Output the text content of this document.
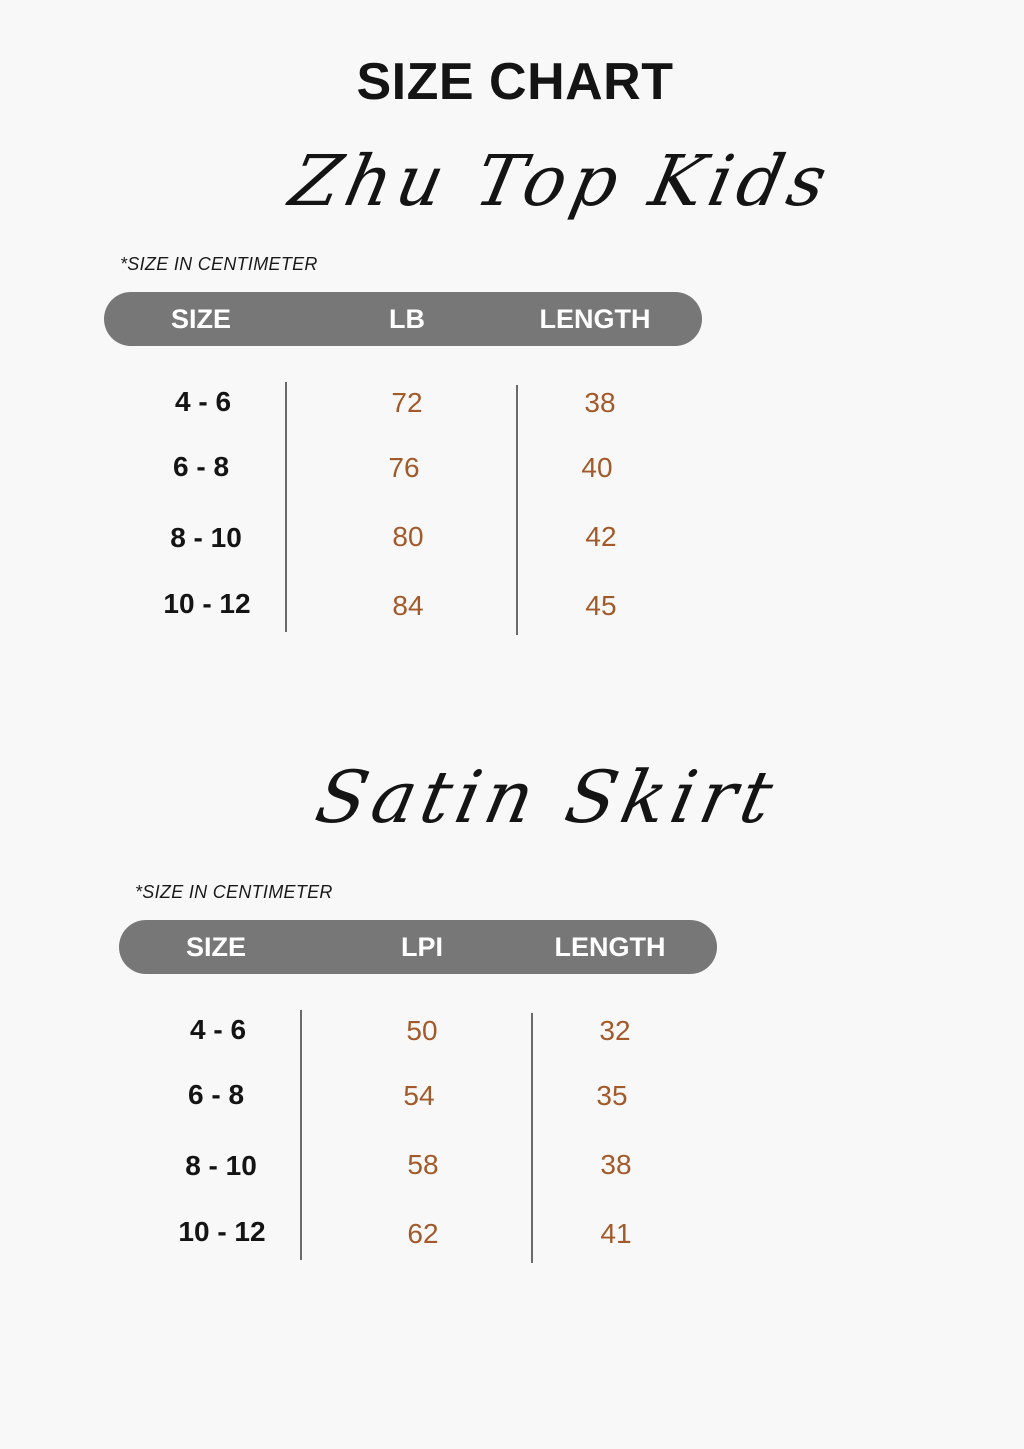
SIZE CHART
Zhu Top Kids
*SIZE IN CENTIMETER
SIZE	LB	LENGTH
4 - 6	72	38
6 - 8	76	40
8 - 10	80	42
10 - 12	84	45
Satin Skirt
*SIZE IN CENTIMETER
SIZE	LPI	LENGTH
4 - 6	50	32
6 - 8	54	35
8 - 10	58	38
10 - 12	62	41
